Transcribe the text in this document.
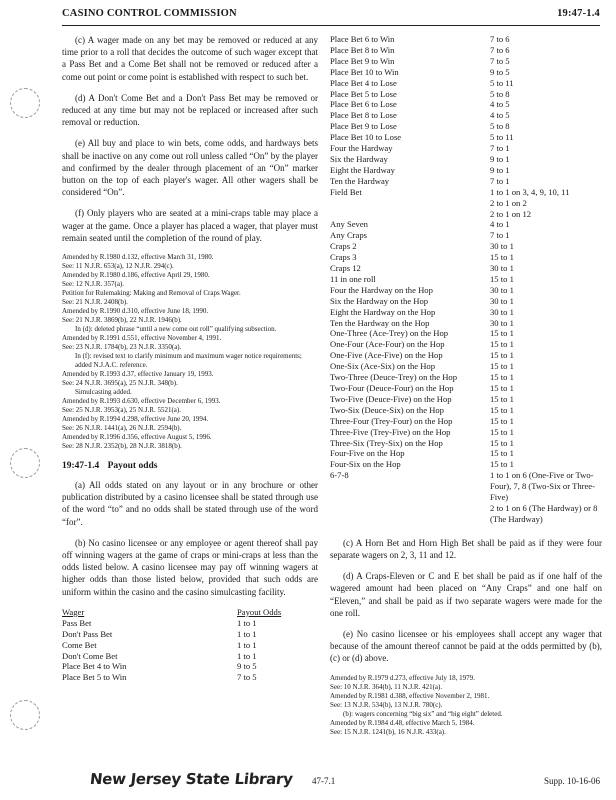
CASINO CONTROL COMMISSION	19:47-1.4

(c) A wager made on any bet may be removed or reduced at any time prior to a roll that decides the outcome of such wager except that a Pass Bet and a Come Bet shall not be removed or reduced after a come out point or come point is established with respect to such bet.

(d) A Don't Come Bet and a Don't Pass Bet may be removed or reduced at any time but may not be replaced or increased after such removal or reduction.

(e) All buy and place to win bets, come odds, and hardways bets shall be inactive on any come out roll unless called “On” by the player and confirmed by the dealer through placement of an “On” marker button on the top of each player's wager. All other wagers shall be considered “On”.

(f) Only players who are seated at a mini-craps table may place a wager at the game. Once a player has placed a wager, that player must remain seated until the completion of the round of play.

Amended by R.1980 d.132, effective March 31, 1980.
See: 11 N.J.R. 653(a), 12 N.J.R. 294(c).
Amended by R.1980 d.186, effective April 29, 1980.
See: 12 N.J.R. 357(a).
Petition for Rulemaking: Making and Removal of Craps Wager.
See: 21 N.J.R. 2408(b).
Amended by R.1990 d.310, effective June 18, 1990.
See: 21 N.J.R. 3869(b), 22 N.J.R. 1946(b).
In (d): deleted phrase “until a new come out roll” qualifying subsection.
Amended by R.1991 d.551, effective November 4, 1991.
See: 23 N.J.R. 1784(b), 23 N.J.R. 3350(a).
In (f): revised text to clarify minimum and maximum wager notice requirements; added N.J.A.C. reference.
Amended by R.1993 d.37, effective January 19, 1993.
See: 24 N.J.R. 3695(a), 25 N.J.R. 348(b).
Simulcasting added.
Amended by R.1993 d.630, effective December 6, 1993.
See: 25 N.J.R. 3953(a), 25 N.J.R. 5521(a).
Amended by R.1994 d.298, effective June 20, 1994.
See: 26 N.J.R. 1441(a), 26 N.J.R. 2594(b).
Amended by R.1996 d.356, effective August 5, 1996.
See: 28 N.J.R. 2352(b), 28 N.J.R. 3818(b).
19:47-1.4 Payout odds

(a) All odds stated on any layout or in any brochure or other publication distributed by a casino licensee shall be stated through use of the word “to” and no odds shall be stated through use of the word “for”.

(b) No casino licensee or any employee or agent thereof shall pay off winning wagers at the game of craps or mini-craps at less than the odds listed below. A casino licensee may pay off winning wagers at higher odds than those listed below, provided that such odds are uniform within the casino and the casino simulcasting facility.

Wager	Payout Odds
Pass Bet	1 to 1

Don't Pass Bet	1 to 1

Come Bet	1 to 1

Don't Come Bet	1 to 1

Place Bet 4 to Win	9 to 5

Place Bet 5 to Win	7 to 5
Place Bet 6 to Win	7 to 6

Place Bet 8 to Win	7 to 6

Place Bet 9 to Win	7 to 5

Place Bet 10 to Win	9 to 5

Place Bet 4 to Lose	5 to 11

Place Bet 5 to Lose	5 to 8

Place Bet 6 to Lose	4 to 5

Place Bet 8 to Lose	4 to 5

Place Bet 9 to Lose	5 to 8

Place Bet 10 to Lose	5 to 11

Four the Hardway	7 to 1

Six the Hardway	9 to 1

Eight the Hardway	9 to 1

Ten the Hardway	7 to 1

Field Bet	1 to 1 on 3, 4, 9, 10, 11
2 to 1 on 2
2 to 1 on 12

Any Seven	4 to 1

Any Craps	7 to 1

Craps 2	30 to 1

Craps 3	15 to 1

Craps 12	30 to 1

11 in one roll	15 to 1

Four the Hardway on the Hop	30 to 1

Six the Hardway on the Hop	30 to 1

Eight the Hardway on the Hop	30 to 1

Ten the Hardway on the Hop	30 to 1

One-Three (Ace-Trey) on the Hop	15 to 1

One-Four (Ace-Four) on the Hop	15 to 1

One-Five (Ace-Five) on the Hop	15 to 1

One-Six (Ace-Six) on the Hop	15 to 1

Two-Three (Deuce-Trey) on the Hop	15 to 1

Two-Four (Deuce-Four) on the Hop	15 to 1

Two-Five (Deuce-Five) on the Hop	15 to 1

Two-Six (Deuce-Six) on the Hop	15 to 1

Three-Four (Trey-Four) on the Hop	15 to 1

Three-Five (Trey-Five) on the Hop	15 to 1

Three-Six (Trey-Six) on the Hop	15 to 1

Four-Five on the Hop	15 to 1

Four-Six on the Hop	15 to 1

6-7-8	1 to 1 on 6 (One-Five or Two-Four), 7, 8 (Two-Six or Three-Five)
2 to 1 on 6 (The Hardway) or 8 (The Hardway)

(c) A Horn Bet and Horn High Bet shall be paid as if they were four separate wagers on 2, 3, 11 and 12.

(d) A Craps-Eleven or C and E bet shall be paid as if one half of the wagered amount had been placed on “Any Craps” and one half on “Eleven,” and shall be paid as if two separate wagers were made for the one roll.

(e) No casino licensee or his employees shall accept any wager that because of the amount thereof cannot be paid at the odds permitted by (b), (c) or (d) above.

Amended by R.1979 d.273, effective July 18, 1979.
See: 10 N.J.R. 364(b), 11 N.J.R. 421(a).
Amended by R.1981 d.388, effective November 2, 1981.
See: 13 N.J.R. 534(b), 13 N.J.R. 780(c).
(b): wagers concerning “big six” and “big eight” deleted.
Amended by R.1984 d.48, effective March 5, 1984.
See: 15 N.J.R. 1241(b), 16 N.J.R. 433(a).
New Jersey State Library 47-7.1	Supp. 10-16-06
